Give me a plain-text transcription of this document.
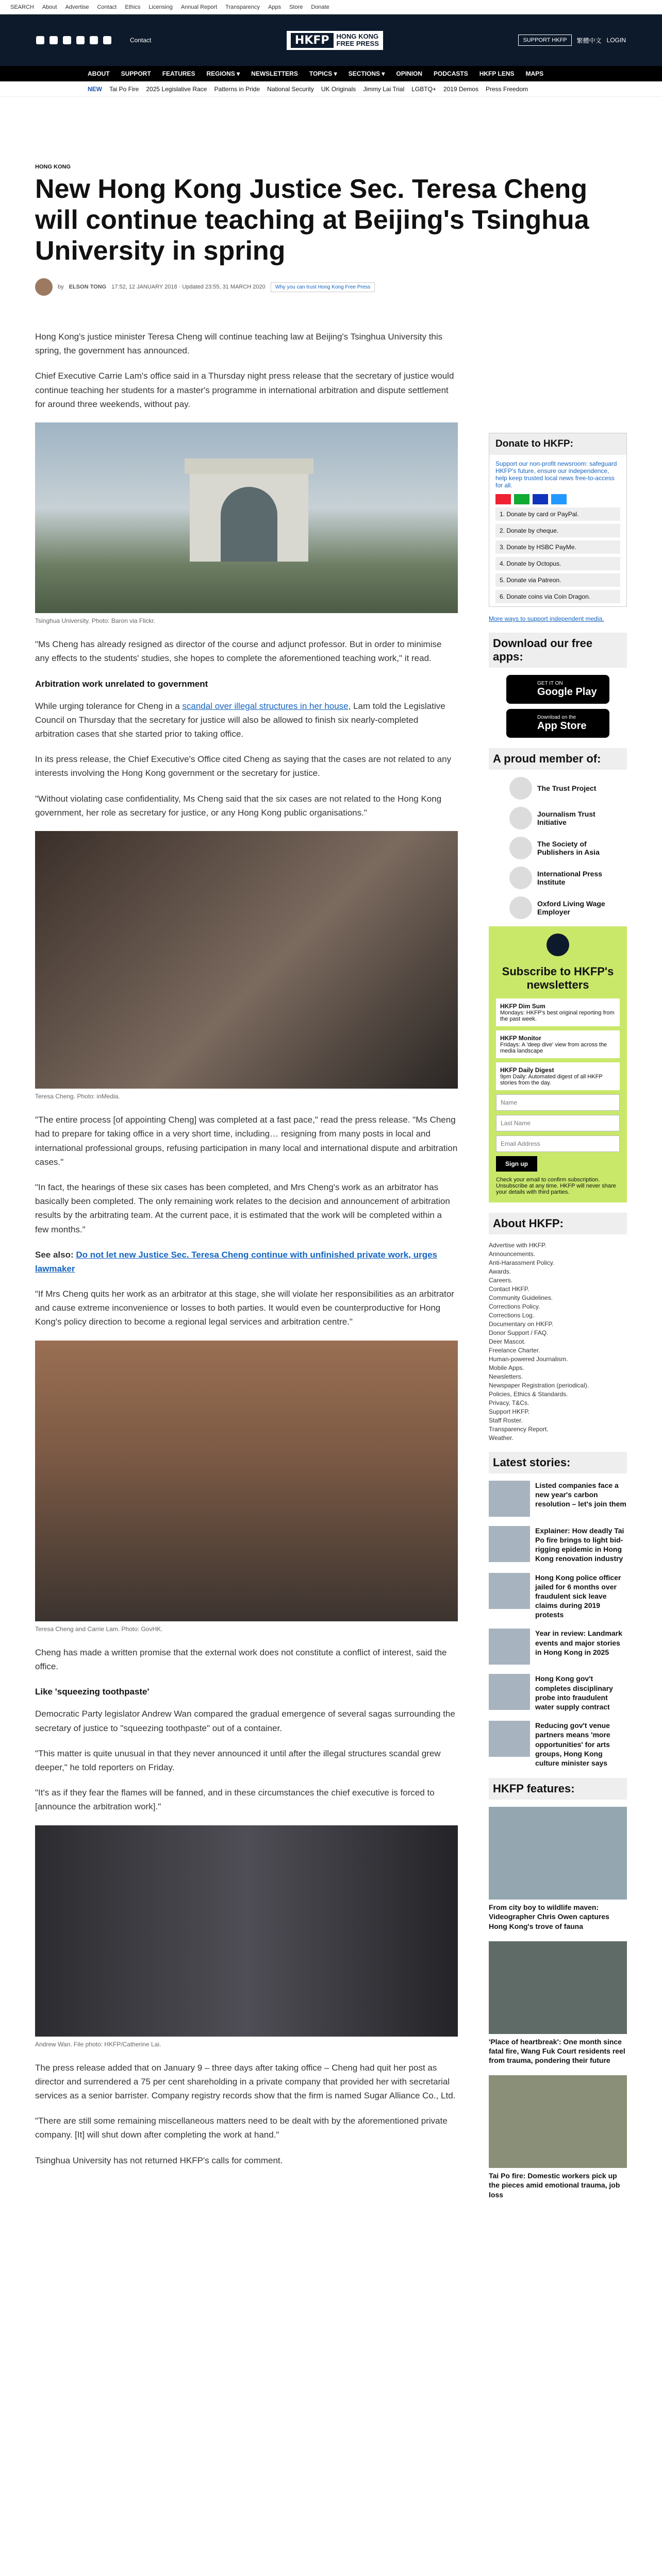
SEARCH About Advertise Contact Ethics Licensing Annual Report Transparency Apps Store Donate
Contact	HKFP	HONG KONG
FREE PRESS	SUPPORT HKFP	繁體中文 LOGIN
ABOUT SUPPORT FEATURES REGIONS ▾ NEWSLETTERS TOPICS ▾ SECTIONS ▾ OPINION PODCASTS HKFP LENS MAPS
NEW Tai Po Fire 2025 Legislative Race Patterns in Pride National Security UK Originals Jimmy Lai Trial LGBTQ+ 2019 Demos Press Freedom
HONG KONG
New Hong Kong Justice Sec. Teresa Cheng will continue teaching at Beijing's Tsinghua University in spring
by ELSON TONG 17:52, 12 JANUARY 2018 · Updated 23:55, 31 MARCH 2020	Why you can trust Hong Kong Free Press

Hong Kong's justice minister Teresa Cheng will continue teaching law at Beijing's Tsinghua University this spring, the government has announced.

Chief Executive Carrie Lam's office said in a Thursday night press release that the secretary of justice would continue teaching her students for a master's programme in international arbitration and dispute settlement for around three weekends, without pay.

Tsinghua University. Photo: Baron via Flickr.

"Ms Cheng has already resigned as director of the course and adjunct professor. But in order to minimise any effects to the students' studies, she hopes to complete the aforementioned teaching work," it read.

Arbitration work unrelated to government

While urging tolerance for Cheng in a scandal over illegal structures in her house, Lam told the Legislative Council on Thursday that the secretary for justice will also be allowed to finish six nearly-completed arbitration cases that she started prior to taking office.

In its press release, the Chief Executive's Office cited Cheng as saying that the cases are not related to any interests involving the Hong Kong government or the secretary for justice.

"Without violating case confidentiality, Ms Cheng said that the six cases are not related to the Hong Kong government, her role as secretary for justice, or any Hong Kong public organisations."

Teresa Cheng. Photo: inMedia.

"The entire process [of appointing Cheng] was completed at a fast pace," read the press release. "Ms Cheng had to prepare for taking office in a very short time, including… resigning from many posts in local and international professional groups, refusing participation in many local and international dispute and arbitration cases."

"In fact, the hearings of these six cases has been completed, and Mrs Cheng's work as an arbitrator has basically been completed. The only remaining work relates to the decision and announcement of arbitration results by the arbitrating team. At the current pace, it is estimated that the work will be completed within a few months."

See also: Do not let new Justice Sec. Teresa Cheng continue with unfinished private work, urges lawmaker

"If Mrs Cheng quits her work as an arbitrator at this stage, she will violate her responsibilities as an arbitrator and cause extreme inconvenience or losses to both parties. It would even be counterproductive for Hong Kong's policy direction to become a regional legal services and arbitration centre."

Teresa Cheng and Carrie Lam. Photo: GovHK.

Cheng has made a written promise that the external work does not constitute a conflict of interest, said the office.

Like 'squeezing toothpaste'

Democratic Party legislator Andrew Wan compared the gradual emergence of several sagas surrounding the secretary of justice to "squeezing toothpaste" out of a container.

"This matter is quite unusual in that they never announced it until after the illegal structures scandal grew deeper," he told reporters on Friday.

"It's as if they fear the flames will be fanned, and in these circumstances the chief executive is forced to [announce the arbitration work]."

Andrew Wan. File photo: HKFP/Catherine Lai.

The press release added that on January 9 – three days after taking office – Cheng had quit her post as director and surrendered a 75 per cent shareholding in a private company that provided her with secretarial services as a senior barrister. Company registry records show that the firm is named Sugar Alliance Co., Ltd.

"There are still some remaining miscellaneous matters need to be dealt with by the aforementioned private company. [It] will shut down after completing the work at hand."

Tsinghua University has not returned HKFP's calls for comment.

Donate to HKFP:

Support our non-profit newsroom: safeguard HKFP's future, ensure our independence, help keep trusted local news free-to-access for all.

1. Donate by card or PayPal.
2. Donate by cheque.
3. Donate by HSBC PayMe.
4. Donate by Octopus.
5. Donate via Patreon.
6. Donate coins via Coin Dragon.
More ways to support independent media.
Download our free apps:
GET IT ON
Google Play
Download on the
App Store
A proud member of:
The Trust Project
Journalism Trust Initiative
The Society of Publishers in Asia
International Press Institute
Oxford Living Wage Employer
Subscribe to HKFP's newsletters
HKFP Dim Sum
Mondays: HKFP's best original reporting from the past week.
HKFP Monitor
Fridays: A 'deep dive' view from across the media landscape
HKFP Daily Digest
9pm Daily: Automated digest of all HKFP stories from the day.
Name
Last Name
Email Address
Sign up

Check your email to confirm subscription. Unsubscribe at any time. HKFP will never share your details with third parties.

About HKFP:
Advertise with HKFP.
Announcements.
Anti-Harassment Policy.
Awards.
Careers.
Contact HKFP.
Community Guidelines.
Corrections Policy.
Corrections Log.
Documentary on HKFP.
Donor Support / FAQ.
Deer Mascot.
Freelance Charter.
Human-powered Journalism.
Mobile Apps.
Newsletters.
Newspaper Registration (periodical).
Policies, Ethics & Standards.
Privacy, T&Cs.
Support HKFP.
Staff Roster.
Transparency Report.
Weather.
Latest stories:
Listed companies face a new year's carbon resolution – let's join them
Explainer: How deadly Tai Po fire brings to light bid-rigging epidemic in Hong Kong renovation industry
Hong Kong police officer jailed for 6 months over fraudulent sick leave claims during 2019 protests
Year in review: Landmark events and major stories in Hong Kong in 2025
Hong Kong gov't completes disciplinary probe into fraudulent water supply contract
Reducing gov't venue partners means 'more opportunities' for arts groups, Hong Kong culture minister says
HKFP features:
From city boy to wildlife maven: Videographer Chris Owen captures Hong Kong's trove of fauna
'Place of heartbreak': One month since fatal fire, Wang Fuk Court residents reel from trauma, pondering their future
Tai Po fire: Domestic workers pick up the pieces amid emotional trauma, job loss
